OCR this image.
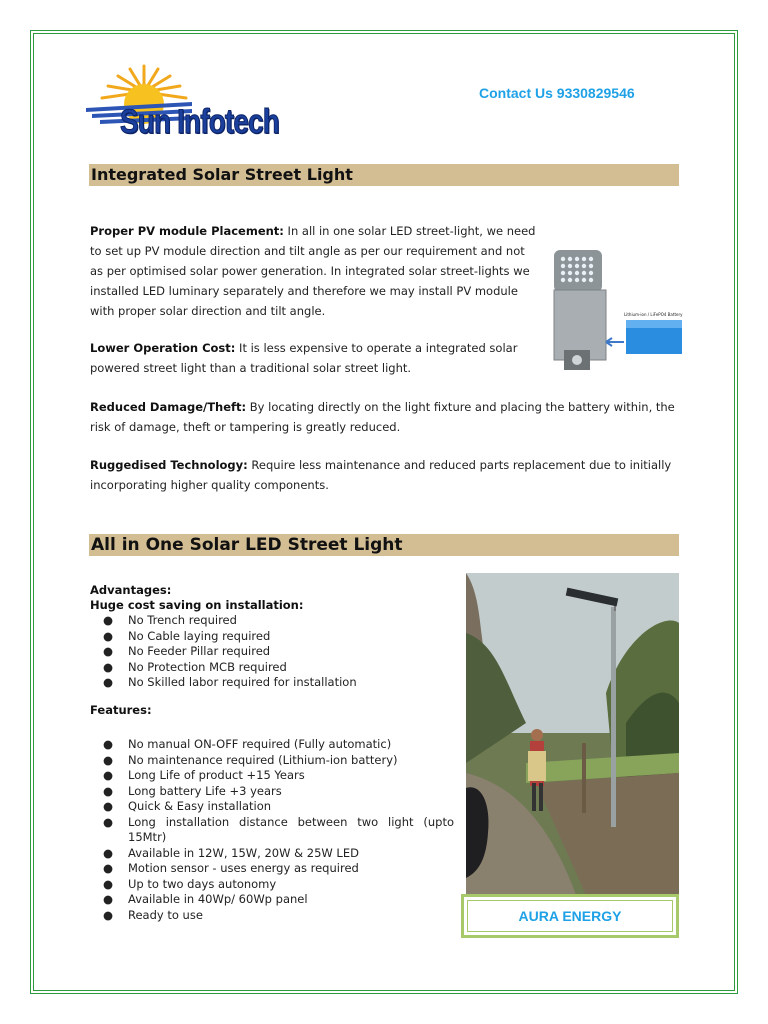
Sun Infotech
Contact Us 9330829546
Integrated Solar Street Light
Proper PV module Placement: In all in one solar LED street-light, we need
to set up PV module direction and tilt angle as per our requirement and not
as per optimised solar power generation. In integrated solar street-lights we
installed LED luminary separately and therefore we may install PV module
with proper solar direction and tilt angle.
Lower Operation Cost: It is less expensive to operate a integrated solar
powered street light than a traditional solar street light.
Reduced Damage/Theft: By locating directly on the light fixture and placing the battery within, the
risk of damage, theft or tampering is greatly reduced.
Ruggedised Technology: Require less maintenance and reduced parts replacement due to initially
incorporating higher quality components.
Lithium-ion / LiFePO4 Battery
All in One Solar LED Street Light
Advantages:
Huge cost saving on installation:
● No Trench required
● No Cable laying required
● No Feeder Pillar required
● No Protection MCB required
● No Skilled labor required for installation
Features:
● No manual ON-OFF required (Fully automatic)
● No maintenance required (Lithium-ion battery)
● Long Life of product +15 Years
● Long battery Life +3 years
● Quick & Easy installation
● Long installation distance between two light (upto 15Mtr)
● Available in 12W, 15W, 20W & 25W LED
● Motion sensor - uses energy as required
● Up to two days autonomy
● Available in 40Wp/ 60Wp panel
● Ready to use	AURA ENERGY
